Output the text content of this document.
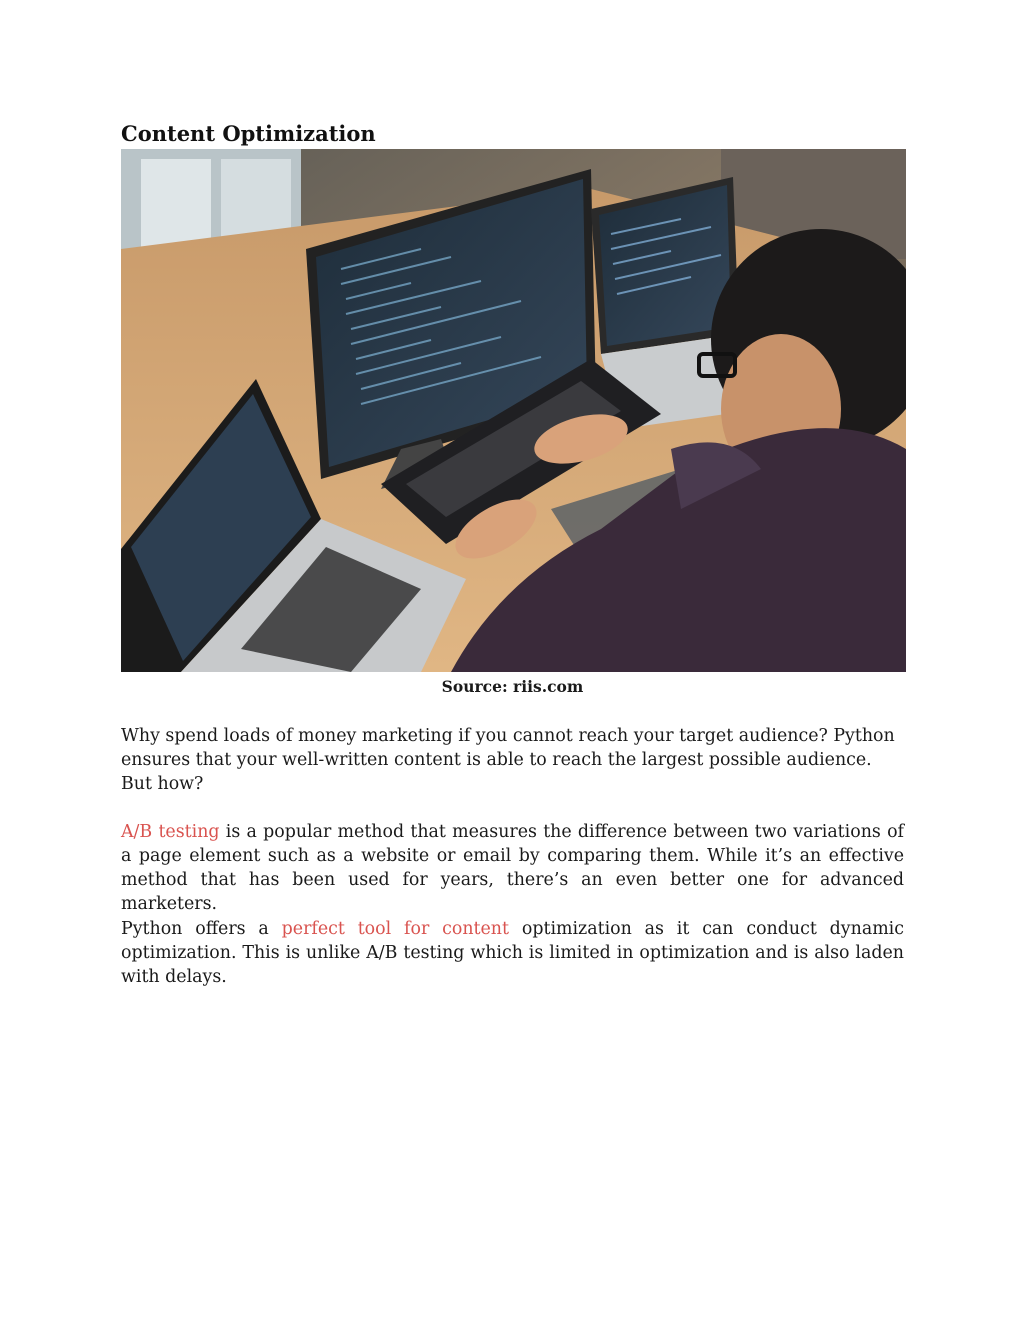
Content Optimization
Source: riis.com

Why spend loads of money marketing if you cannot reach your target audience? Python ensures that your well-written content is able to reach the largest possible audience. But how?

A/B testing is a popular method that measures the difference between two variations of a page element such as a website or email by comparing them. While it’s an effective method that has been used for years, there’s an even better one for advanced marketers.

Python offers a perfect tool for content optimization as it can conduct dynamic optimization. This is unlike A/B testing which is limited in optimization and is also laden with delays.
